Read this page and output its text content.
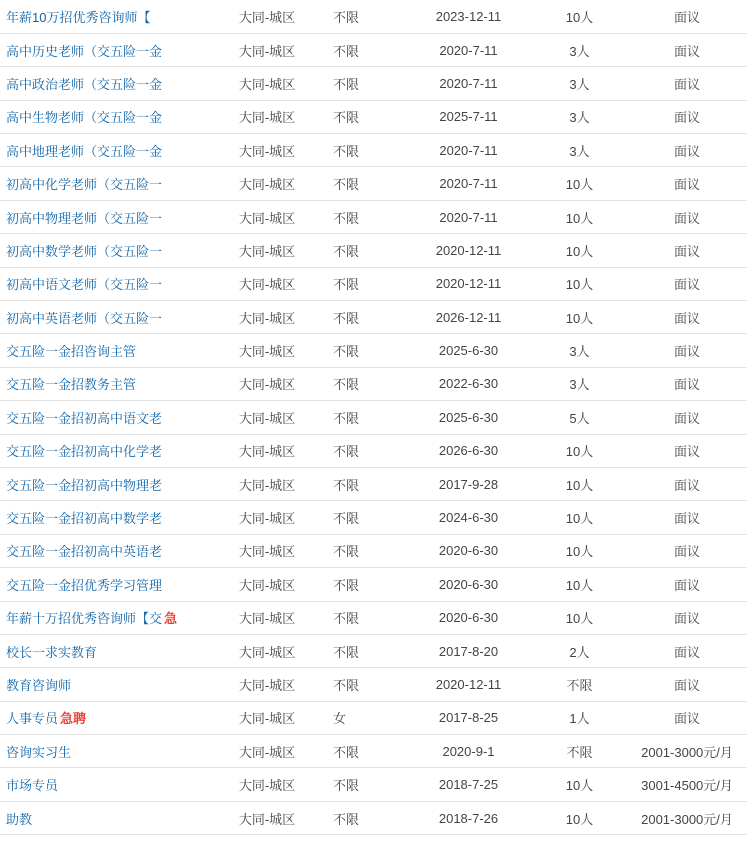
年薪10万招优秀咨询师【	大同-城区	不限	2023-12-11	10人	面议
高中历史老师（交五险一金	大同-城区	不限	2020-7-11	3人	面议
高中政治老师（交五险一金	大同-城区	不限	2020-7-11	3人	面议
高中生物老师（交五险一金	大同-城区	不限	2025-7-11	3人	面议
高中地理老师（交五险一金	大同-城区	不限	2020-7-11	3人	面议
初高中化学老师（交五险一	大同-城区	不限	2020-7-11	10人	面议
初高中物理老师（交五险一	大同-城区	不限	2020-7-11	10人	面议
初高中数学老师（交五险一	大同-城区	不限	2020-12-11	10人	面议
初高中语文老师（交五险一	大同-城区	不限	2020-12-11	10人	面议
初高中英语老师（交五险一	大同-城区	不限	2026-12-11	10人	面议
交五险一金招咨询主管	大同-城区	不限	2025-6-30	3人	面议
交五险一金招教务主管	大同-城区	不限	2022-6-30	3人	面议
交五险一金招初高中语文老	大同-城区	不限	2025-6-30	5人	面议
交五险一金招初高中化学老	大同-城区	不限	2026-6-30	10人	面议
交五险一金招初高中物理老	大同-城区	不限	2017-9-28	10人	面议
交五险一金招初高中数学老	大同-城区	不限	2024-6-30	10人	面议
交五险一金招初高中英语老	大同-城区	不限	2020-6-30	10人	面议
交五险一金招优秀学习管理	大同-城区	不限	2020-6-30	10人	面议
年薪十万招优秀咨询师【交 急	大同-城区	不限	2020-6-30	10人	面议
校长一求实教育	大同-城区	不限	2017-8-20	2人	面议
教育咨询师	大同-城区	不限	2020-12-11	不限	面议
人事专员 急聘	大同-城区	女	2017-8-25	1人	面议
咨询实习生	大同-城区	不限	2020-9-1	不限	2001-3000元/月
市场专员	大同-城区	不限	2018-7-25	10人	3001-4500元/月
助教	大同-城区	不限	2018-7-26	10人	2001-3000元/月
